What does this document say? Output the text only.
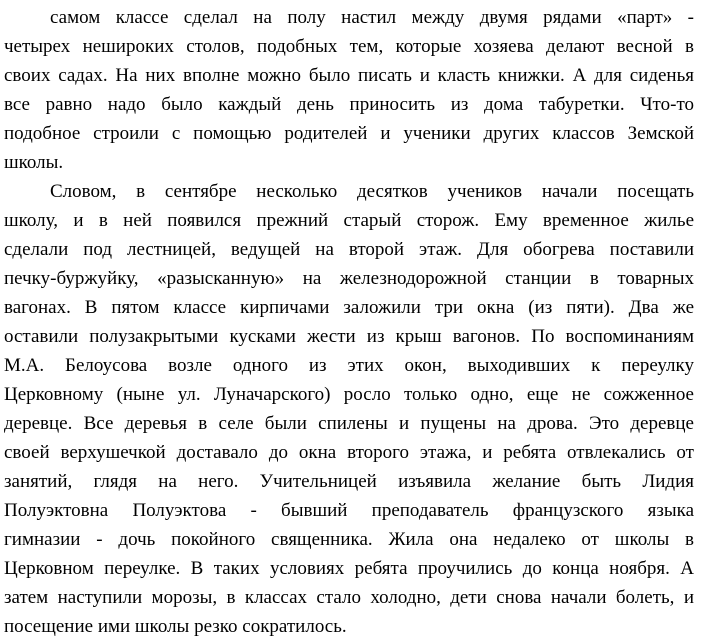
самом классе сделал на полу настил между двумя рядами «парт» -
четырех нешироких столов, подобных тем, которые хозяева делают весной в
своих садах. На них вполне можно было писать и класть книжки. А для сиденья
все равно надо было каждый день приносить из дома табуретки. Что-то
подобное строили с помощью родителей и ученики других классов Земской
школы.
Словом, в сентябре несколько десятков учеников начали посещать
школу, и в ней появился прежний старый сторож. Ему временное жилье
сделали под лестницей, ведущей на второй этаж. Для обогрева поставили
печку-буржуйку, «разысканную» на железнодорожной станции в товарных
вагонах. В пятом классе кирпичами заложили три окна (из пяти). Два же
оставили полузакрытыми кусками жести из крыш вагонов. По воспоминаниям
М.А. Белоусова возле одного из этих окон, выходивших к переулку
Церковному (ныне ул. Луначарского) росло только одно, еще не сожженное
деревце. Все деревья в селе были спилены и пущены на дрова. Это деревце
своей верхушечкой доставало до окна второго этажа, и ребята отвлекались от
занятий, глядя на него. Учительницей изъявила желание быть Лидия
Полуэктовна Полуэктова - бывший преподаватель французского языка
гимназии - дочь покойного священника. Жила она недалеко от школы в
Церковном переулке. В таких условиях ребята проучились до конца ноября. А
затем наступили морозы, в классах стало холодно, дети снова начали болеть, и
посещение ими школы резко сократилось.
